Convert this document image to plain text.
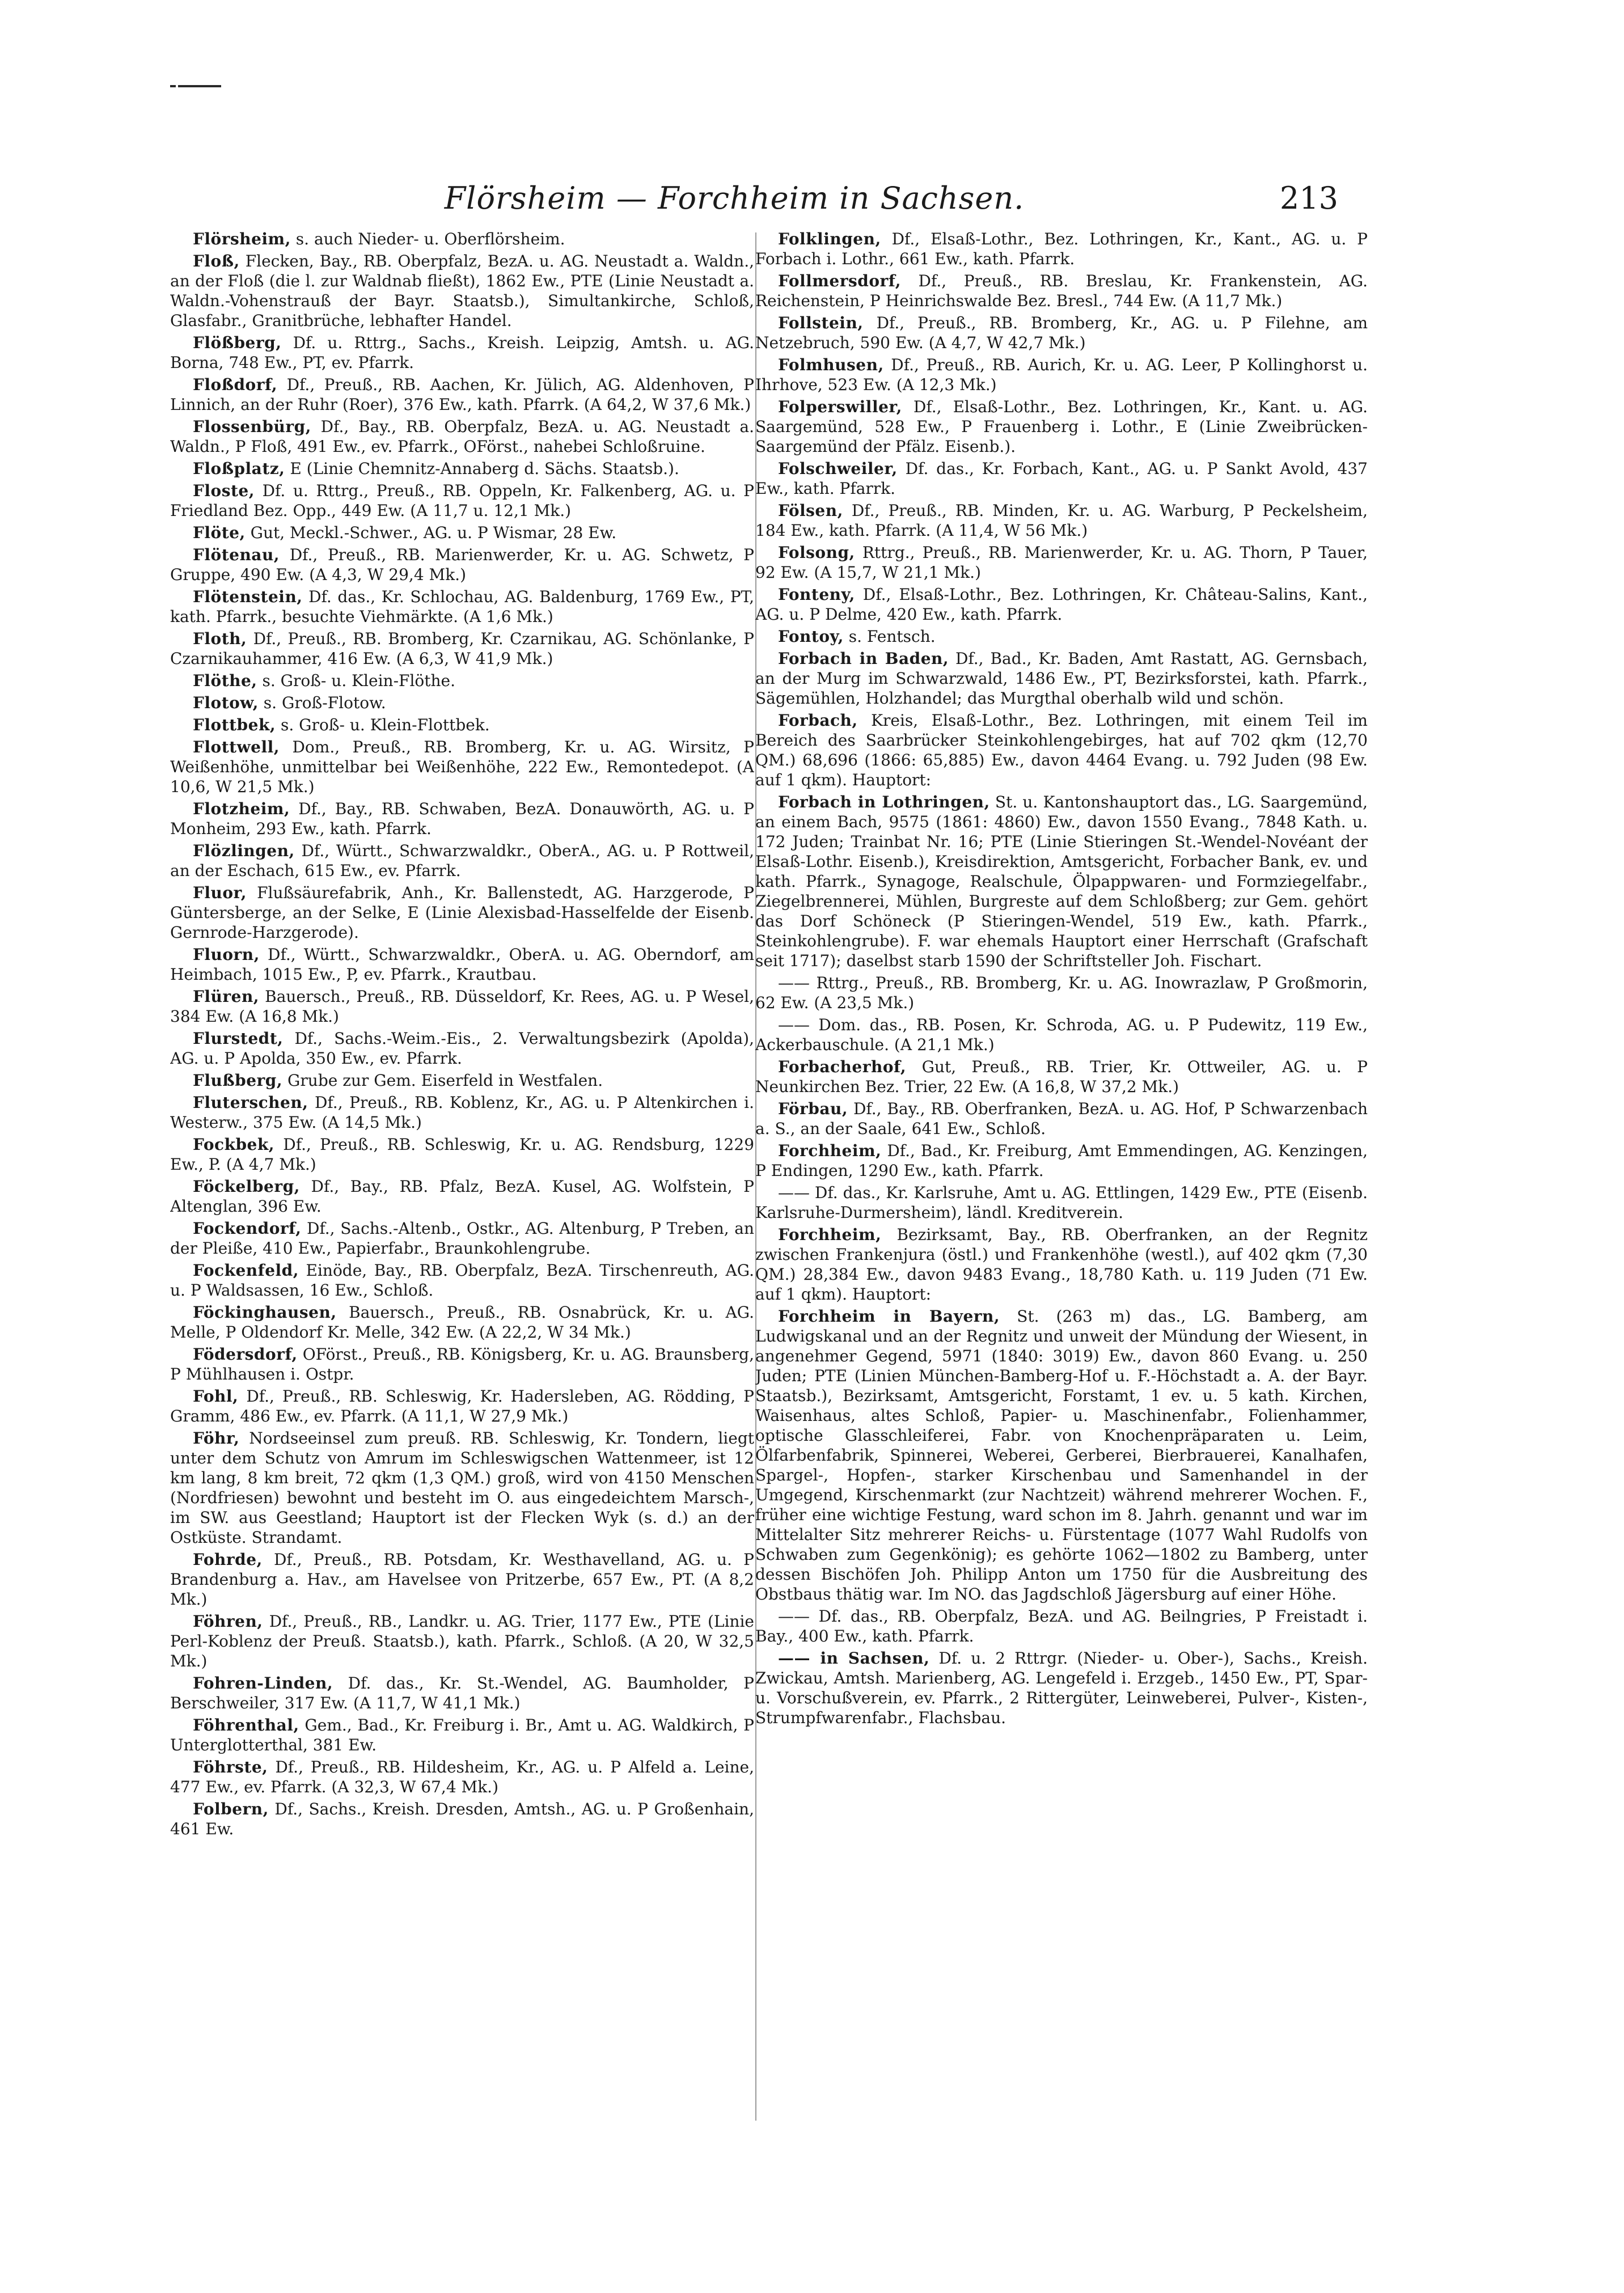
Flörsheim — Forchheim in Sachsen.	213

Flörsheim, s. auch Nieder- u. Oberflörsheim.

Floß, Flecken, Bay., RB. Oberpfalz, BezA. u. AG. Neustadt a. Waldn., an der Floß (die l. zur Waldnab fließt), 1862 Ew., PTE (Linie Neustadt a. Waldn.-Vohenstrauß der Bayr. Staatsb.), Simultankirche, Schloß, Glasfabr., Granitbrüche, lebhafter Handel.

Flößberg, Df. u. Rttrg., Sachs., Kreish. Leipzig, Amtsh. u. AG. Borna, 748 Ew., PT, ev. Pfarrk.

Floßdorf, Df., Preuß., RB. Aachen, Kr. Jülich, AG. Aldenhoven, P Linnich, an der Ruhr (Roer), 376 Ew., kath. Pfarrk. (A 64,2, W 37,6 Mk.)

Flossenbürg, Df., Bay., RB. Oberpfalz, BezA. u. AG. Neustadt a. Waldn., P Floß, 491 Ew., ev. Pfarrk., OFörst., nahebei Schloßruine.

Floßplatz, E (Linie Chemnitz-Annaberg d. Sächs. Staatsb.).

Floste, Df. u. Rttrg., Preuß., RB. Oppeln, Kr. Falkenberg, AG. u. P Friedland Bez. Opp., 449 Ew. (A 11,7 u. 12,1 Mk.)

Flöte, Gut, Meckl.-Schwer., AG. u. P Wismar, 28 Ew.

Flötenau, Df., Preuß., RB. Marienwerder, Kr. u. AG. Schwetz, P Gruppe, 490 Ew. (A 4,3, W 29,4 Mk.)

Flötenstein, Df. das., Kr. Schlochau, AG. Baldenburg, 1769 Ew., PT, kath. Pfarrk., besuchte Viehmärkte. (A 1,6 Mk.)

Floth, Df., Preuß., RB. Bromberg, Kr. Czarnikau, AG. Schönlanke, P Czarnikauhammer, 416 Ew. (A 6,3, W 41,9 Mk.)

Flöthe, s. Groß- u. Klein-Flöthe.

Flotow, s. Groß-Flotow.

Flottbek, s. Groß- u. Klein-Flottbek.

Flottwell, Dom., Preuß., RB. Bromberg, Kr. u. AG. Wirsitz, P Weißenhöhe, unmittelbar bei Weißenhöhe, 222 Ew., Remontedepot. (A 10,6, W 21,5 Mk.)

Flotzheim, Df., Bay., RB. Schwaben, BezA. Donauwörth, AG. u. P Monheim, 293 Ew., kath. Pfarrk.

Flözlingen, Df., Württ., Schwarzwaldkr., OberA., AG. u. P Rottweil, an der Eschach, 615 Ew., ev. Pfarrk.

Fluor, Flußsäurefabrik, Anh., Kr. Ballenstedt, AG. Harzgerode, P Güntersberge, an der Selke, E (Linie Alexisbad-Hasselfelde der Eisenb. Gernrode-Harzgerode).

Fluorn, Df., Württ., Schwarzwaldkr., OberA. u. AG. Oberndorf, am Heimbach, 1015 Ew., P, ev. Pfarrk., Krautbau.

Flüren, Bauersch., Preuß., RB. Düsseldorf, Kr. Rees, AG. u. P Wesel, 384 Ew. (A 16,8 Mk.)

Flurstedt, Df., Sachs.-Weim.-Eis., 2. Verwaltungsbezirk (Apolda), AG. u. P Apolda, 350 Ew., ev. Pfarrk.

Flußberg, Grube zur Gem. Eiserfeld in Westfalen.

Fluterschen, Df., Preuß., RB. Koblenz, Kr., AG. u. P Altenkirchen i. Westerw., 375 Ew. (A 14,5 Mk.)

Fockbek, Df., Preuß., RB. Schleswig, Kr. u. AG. Rendsburg, 1229 Ew., P. (A 4,7 Mk.)

Föckelberg, Df., Bay., RB. Pfalz, BezA. Kusel, AG. Wolfstein, P Altenglan, 396 Ew.

Fockendorf, Df., Sachs.-Altenb., Ostkr., AG. Altenburg, P Treben, an der Pleiße, 410 Ew., Papierfabr., Braunkohlengrube.

Fockenfeld, Einöde, Bay., RB. Oberpfalz, BezA. Tirschenreuth, AG. u. P Waldsassen, 16 Ew., Schloß.

Föckinghausen, Bauersch., Preuß., RB. Osnabrück, Kr. u. AG. Melle, P Oldendorf Kr. Melle, 342 Ew. (A 22,2, W 34 Mk.)

Födersdorf, OFörst., Preuß., RB. Königsberg, Kr. u. AG. Braunsberg, P Mühlhausen i. Ostpr.

Fohl, Df., Preuß., RB. Schleswig, Kr. Hadersleben, AG. Rödding, P Gramm, 486 Ew., ev. Pfarrk. (A 11,1, W 27,9 Mk.)

Föhr, Nordseeinsel zum preuß. RB. Schleswig, Kr. Tondern, liegt unter dem Schutz von Amrum im Schleswigschen Wattenmeer, ist 12 km lang, 8 km breit, 72 qkm (1,3 QM.) groß, wird von 4150 Menschen (Nordfriesen) bewohnt und besteht im O. aus eingedeichtem Marsch-, im SW. aus Geestland; Hauptort ist der Flecken Wyk (s. d.) an der Ostküste. Strandamt.

Fohrde, Df., Preuß., RB. Potsdam, Kr. Westhavelland, AG. u. P Brandenburg a. Hav., am Havelsee von Pritzerbe, 657 Ew., PT. (A 8,2 Mk.)

Föhren, Df., Preuß., RB., Landkr. u. AG. Trier, 1177 Ew., PTE (Linie Perl-Koblenz der Preuß. Staatsb.), kath. Pfarrk., Schloß. (A 20, W 32,5 Mk.)

Fohren-Linden, Df. das., Kr. St.-Wendel, AG. Baumholder, P Berschweiler, 317 Ew. (A 11,7, W 41,1 Mk.)

Föhrenthal, Gem., Bad., Kr. Freiburg i. Br., Amt u. AG. Waldkirch, P Unterglotterthal, 381 Ew.

Föhrste, Df., Preuß., RB. Hildesheim, Kr., AG. u. P Alfeld a. Leine, 477 Ew., ev. Pfarrk. (A 32,3, W 67,4 Mk.)

Folbern, Df., Sachs., Kreish. Dresden, Amtsh., AG. u. P Großenhain, 461 Ew.

Folklingen, Df., Elsaß-Lothr., Bez. Lothringen, Kr., Kant., AG. u. P Forbach i. Lothr., 661 Ew., kath. Pfarrk.

Follmersdorf, Df., Preuß., RB. Breslau, Kr. Frankenstein, AG. Reichenstein, P Heinrichswalde Bez. Bresl., 744 Ew. (A 11,7 Mk.)

Follstein, Df., Preuß., RB. Bromberg, Kr., AG. u. P Filehne, am Netzebruch, 590 Ew. (A 4,7, W 42,7 Mk.)

Folmhusen, Df., Preuß., RB. Aurich, Kr. u. AG. Leer, P Kollinghorst u. Ihrhove, 523 Ew. (A 12,3 Mk.)

Folperswiller, Df., Elsaß-Lothr., Bez. Lothringen, Kr., Kant. u. AG. Saargemünd, 528 Ew., P Frauenberg i. Lothr., E (Linie Zweibrücken-Saargemünd der Pfälz. Eisenb.).

Folschweiler, Df. das., Kr. Forbach, Kant., AG. u. P Sankt Avold, 437 Ew., kath. Pfarrk.

Fölsen, Df., Preuß., RB. Minden, Kr. u. AG. Warburg, P Peckelsheim, 184 Ew., kath. Pfarrk. (A 11,4, W 56 Mk.)

Folsong, Rttrg., Preuß., RB. Marienwerder, Kr. u. AG. Thorn, P Tauer, 92 Ew. (A 15,7, W 21,1 Mk.)

Fonteny, Df., Elsaß-Lothr., Bez. Lothringen, Kr. Château-Salins, Kant., AG. u. P Delme, 420 Ew., kath. Pfarrk.

Fontoy, s. Fentsch.

Forbach in Baden, Df., Bad., Kr. Baden, Amt Rastatt, AG. Gernsbach, an der Murg im Schwarzwald, 1486 Ew., PT, Bezirksforstei, kath. Pfarrk., Sägemühlen, Holzhandel; das Murgthal oberhalb wild und schön.

Forbach, Kreis, Elsaß-Lothr., Bez. Lothringen, mit einem Teil im Bereich des Saarbrücker Steinkohlengebirges, hat auf 702 qkm (12,70 QM.) 68,696 (1866: 65,885) Ew., davon 4464 Evang. u. 792 Juden (98 Ew. auf 1 qkm). Hauptort:

Forbach in Lothringen, St. u. Kantonshauptort das., LG. Saargemünd, an einem Bach, 9575 (1861: 4860) Ew., davon 1550 Evang., 7848 Kath. u. 172 Juden; Trainbat Nr. 16; PTE (Linie Stieringen St.-Wendel-Novéant der Elsaß-Lothr. Eisenb.), Kreisdirektion, Amtsgericht, Forbacher Bank, ev. und kath. Pfarrk., Synagoge, Realschule, Ölpappwaren- und Formziegelfabr., Ziegelbrennerei, Mühlen, Burgreste auf dem Schloßberg; zur Gem. gehört das Dorf Schöneck (P Stieringen-Wendel, 519 Ew., kath. Pfarrk., Steinkohlengrube). F. war ehemals Hauptort einer Herrschaft (Grafschaft seit 1717); daselbst starb 1590 der Schriftsteller Joh. Fischart.

—— Rttrg., Preuß., RB. Bromberg, Kr. u. AG. Inowrazlaw, P Großmorin, 62 Ew. (A 23,5 Mk.)

—— Dom. das., RB. Posen, Kr. Schroda, AG. u. P Pudewitz, 119 Ew., Ackerbauschule. (A 21,1 Mk.)

Forbacherhof, Gut, Preuß., RB. Trier, Kr. Ottweiler, AG. u. P Neunkirchen Bez. Trier, 22 Ew. (A 16,8, W 37,2 Mk.)

Förbau, Df., Bay., RB. Oberfranken, BezA. u. AG. Hof, P Schwarzenbach a. S., an der Saale, 641 Ew., Schloß.

Forchheim, Df., Bad., Kr. Freiburg, Amt Emmendingen, AG. Kenzingen, P Endingen, 1290 Ew., kath. Pfarrk.

—— Df. das., Kr. Karlsruhe, Amt u. AG. Ettlingen, 1429 Ew., PTE (Eisenb. Karlsruhe-Durmersheim), ländl. Kreditverein.

Forchheim, Bezirksamt, Bay., RB. Oberfranken, an der Regnitz zwischen Frankenjura (östl.) und Frankenhöhe (westl.), auf 402 qkm (7,30 QM.) 28,384 Ew., davon 9483 Evang., 18,780 Kath. u. 119 Juden (71 Ew. auf 1 qkm). Hauptort:

Forchheim in Bayern, St. (263 m) das., LG. Bamberg, am Ludwigskanal und an der Regnitz und unweit der Mündung der Wiesent, in angenehmer Gegend, 5971 (1840: 3019) Ew., davon 860 Evang. u. 250 Juden; PTE (Linien München-Bamberg-Hof u. F.-Höchstadt a. A. der Bayr. Staatsb.), Bezirksamt, Amtsgericht, Forstamt, 1 ev. u. 5 kath. Kirchen, Waisenhaus, altes Schloß, Papier- u. Maschinenfabr., Folienhammer, optische Glasschleiferei, Fabr. von Knochenpräparaten u. Leim, Ölfarbenfabrik, Spinnerei, Weberei, Gerberei, Bierbrauerei, Kanalhafen, Spargel-, Hopfen-, starker Kirschenbau und Samenhandel in der Umgegend, Kirschenmarkt (zur Nachtzeit) während mehrerer Wochen. F., früher eine wichtige Festung, ward schon im 8. Jahrh. genannt und war im Mittelalter Sitz mehrerer Reichs- u. Fürstentage (1077 Wahl Rudolfs von Schwaben zum Gegenkönig); es gehörte 1062—1802 zu Bamberg, unter dessen Bischöfen Joh. Philipp Anton um 1750 für die Ausbreitung des Obstbaus thätig war. Im NO. das Jagdschloß Jägersburg auf einer Höhe.

—— Df. das., RB. Oberpfalz, BezA. und AG. Beilngries, P Freistadt i. Bay., 400 Ew., kath. Pfarrk.

—— in Sachsen, Df. u. 2 Rttrgr. (Nieder- u. Ober-), Sachs., Kreish. Zwickau, Amtsh. Marienberg, AG. Lengefeld i. Erzgeb., 1450 Ew., PT, Spar- u. Vorschußverein, ev. Pfarrk., 2 Rittergüter, Leinweberei, Pulver-, Kisten-, Strumpfwarenfabr., Flachsbau.
